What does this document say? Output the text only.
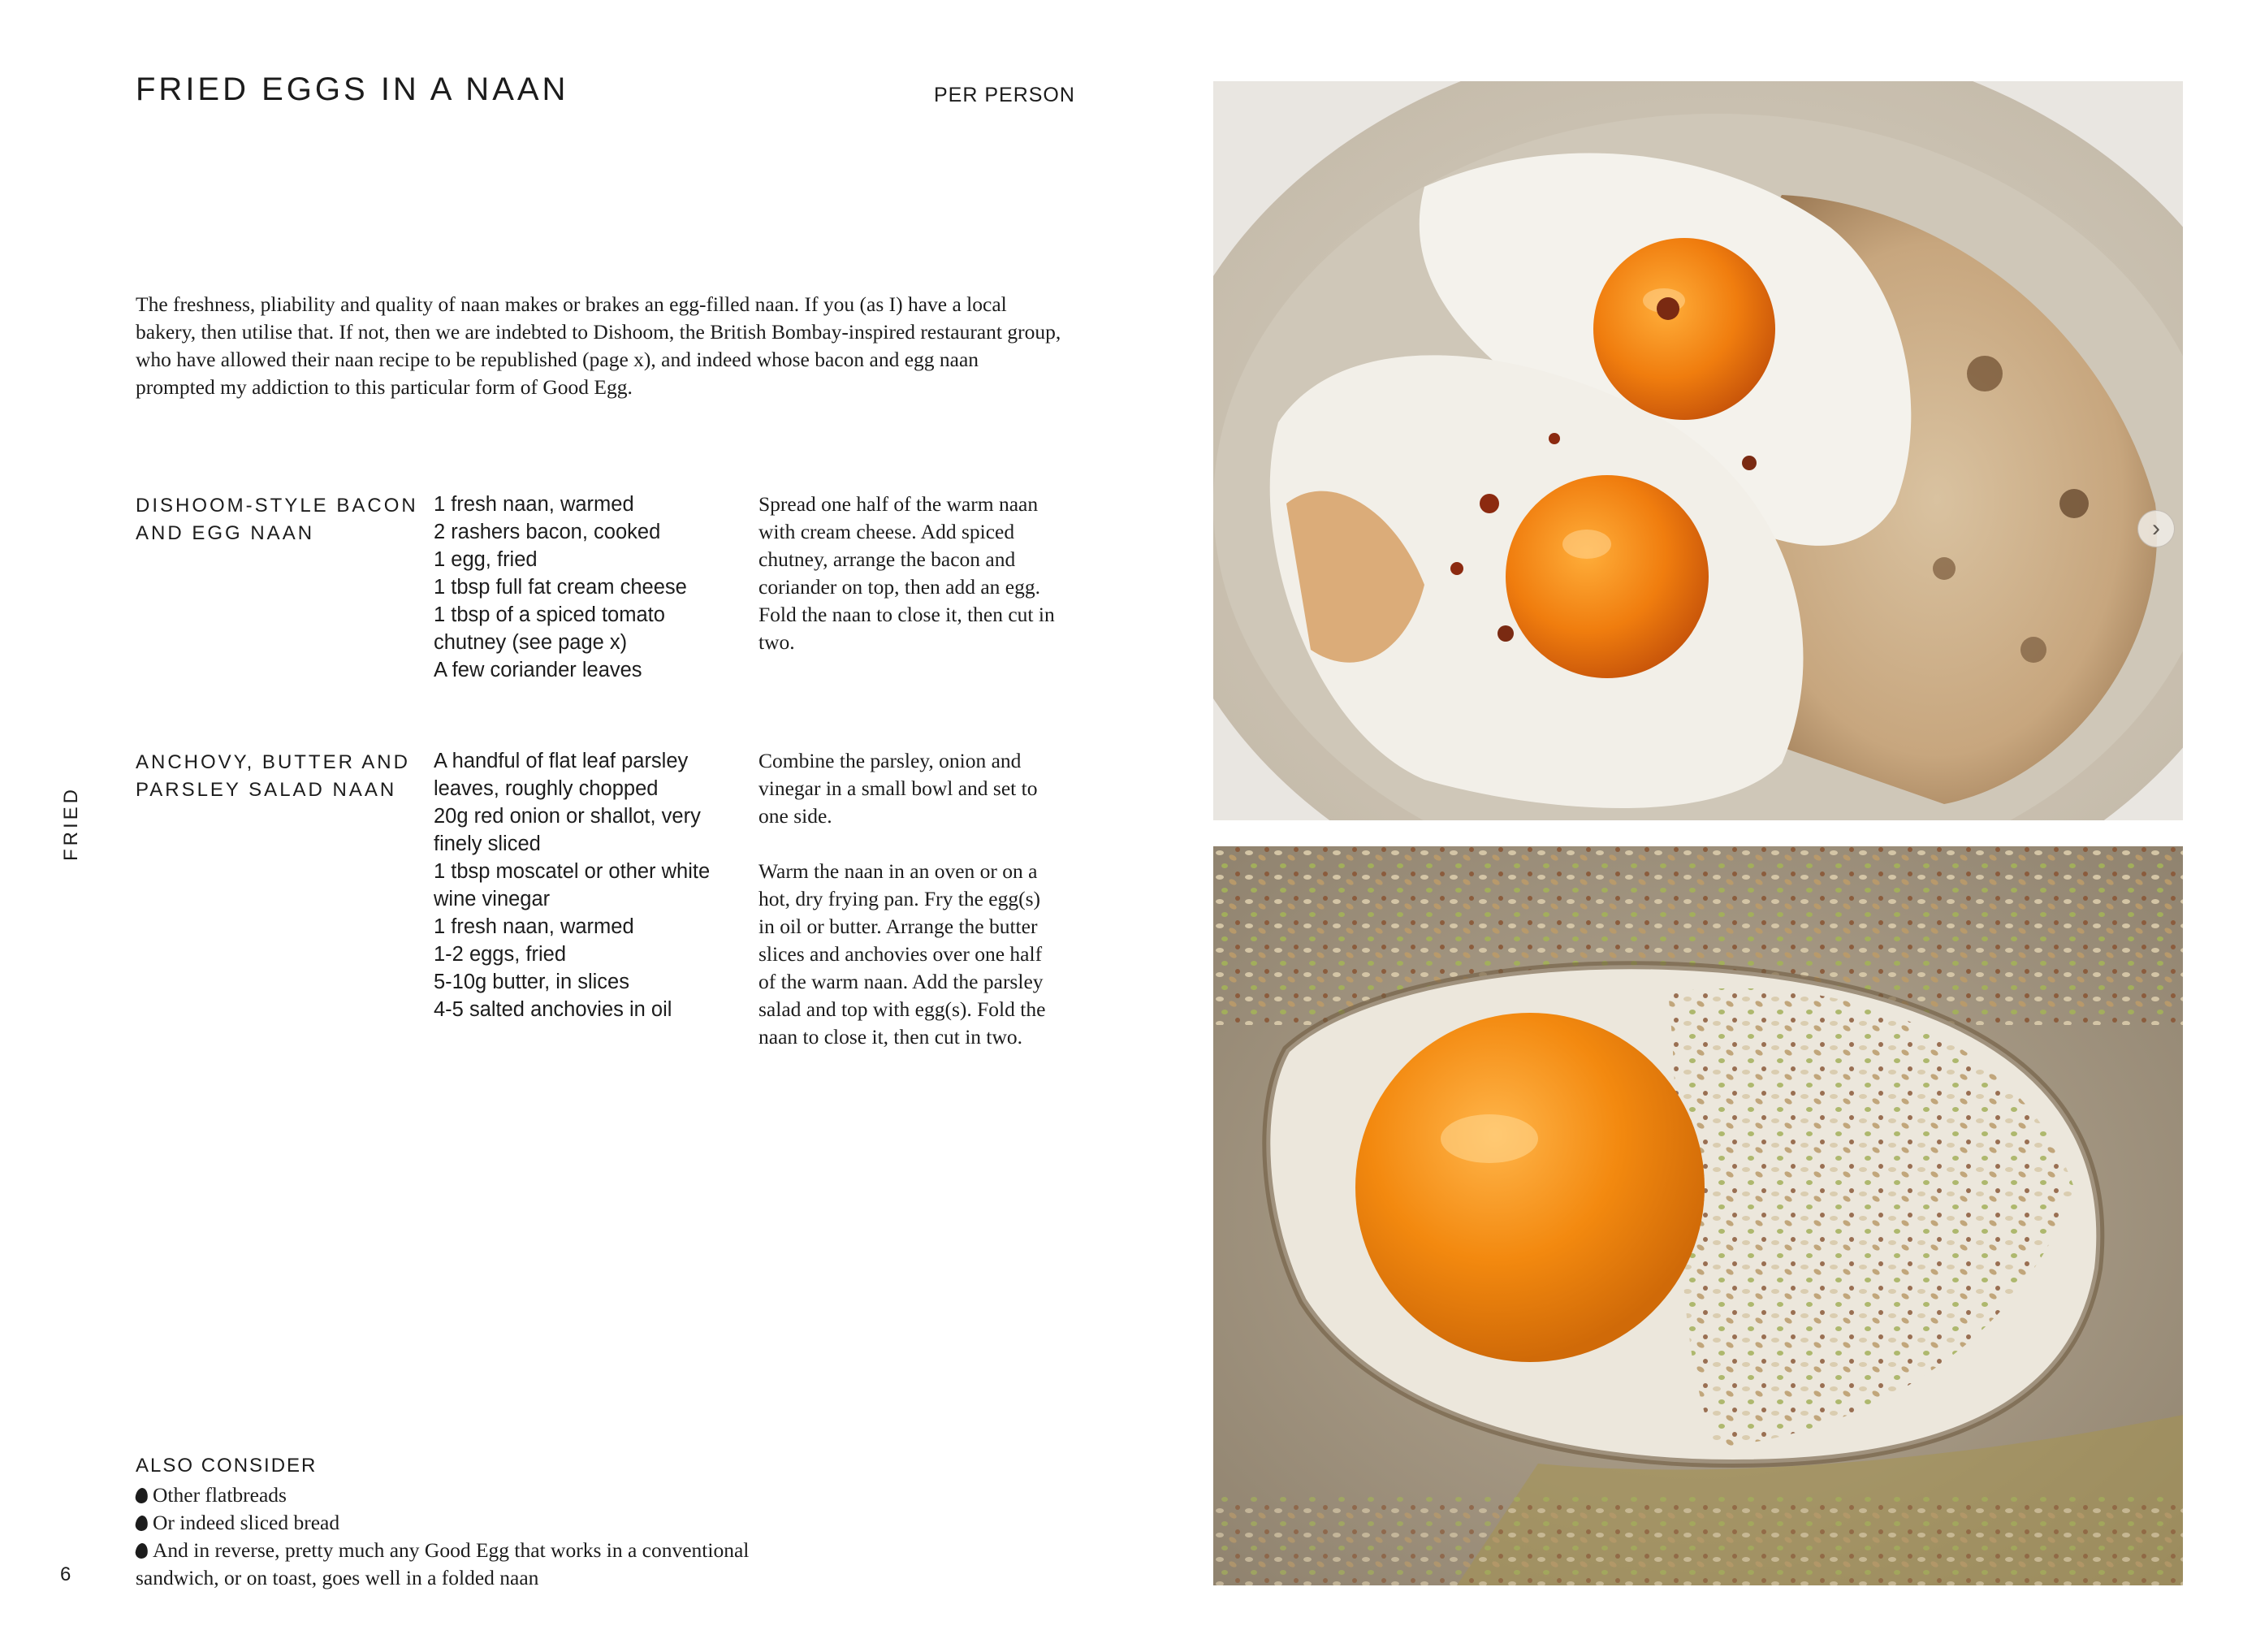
FRIED EGGS IN A NAAN	PER PERSON

The freshness, pliability and quality of naan makes or brakes an egg-filled naan. If you (as I) have a local bakery, then utilise that. If not, then we are indebted to Dishoom, the British Bombay-inspired restaurant group, who have allowed their naan recipe to be republished (page x), and indeed whose bacon and egg naan prompted my addiction to this particular form of Good Egg.

DISHOOM-STYLE BACON
AND EGG NAAN
1 fresh naan, warmed
2 rashers bacon, cooked
1 egg, fried
1 tbsp full fat cream cheese
1 tbsp of a spiced tomato
chutney (see page x)
A few coriander leaves

Spread one half of the warm naan with cream cheese. Add spiced chutney, arrange the bacon and coriander on top, then add an egg. Fold the naan to close it, then cut in two.

ANCHOVY, BUTTER AND
PARSLEY SALAD NAAN
A handful of flat leaf parsley
leaves, roughly chopped
20g red onion or shallot, very
finely sliced
1 tbsp moscatel or other white
wine vinegar
1 fresh naan, warmed
1-2 eggs, fried
5-10g butter, in slices
4-5 salted anchovies in oil

Combine the parsley, onion and vinegar in a small bowl and set to one side.

Warm the naan in an oven or on a hot, dry frying pan. Fry the egg(s) in oil or butter. Arrange the butter slices and anchovies over one half of the warm naan. Add the parsley salad and top with egg(s). Fold the naan to close it, then cut in two.

FRIED
6
ALSO CONSIDER
Other flatbreads
Or indeed sliced bread
And in reverse, pretty much any Good Egg that works in a conventional sandwich, or on toast, goes well in a folded naan
›
